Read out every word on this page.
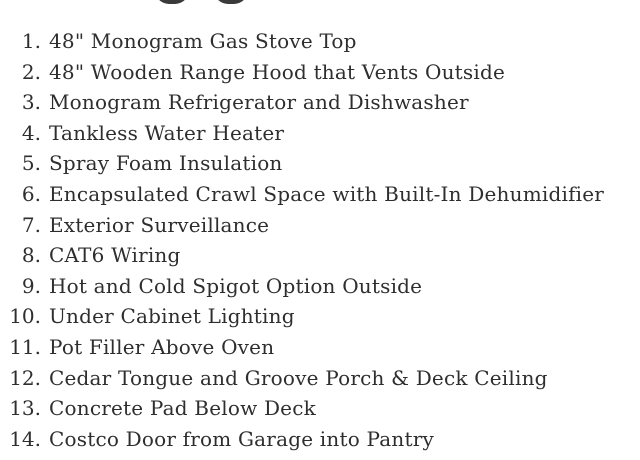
1. 48" Monogram Gas Stove Top
2. 48" Wooden Range Hood that Vents Outside
3. Monogram Refrigerator and Dishwasher
4. Tankless Water Heater
5. Spray Foam Insulation
6. Encapsulated Crawl Space with Built-In Dehumidifier
7. Exterior Surveillance
8. CAT6 Wiring
9. Hot and Cold Spigot Option Outside
10. Under Cabinet Lighting
11. Pot Filler Above Oven
12. Cedar Tongue and Groove Porch & Deck Ceiling
13. Concrete Pad Below Deck
14. Costco Door from Garage into Pantry
